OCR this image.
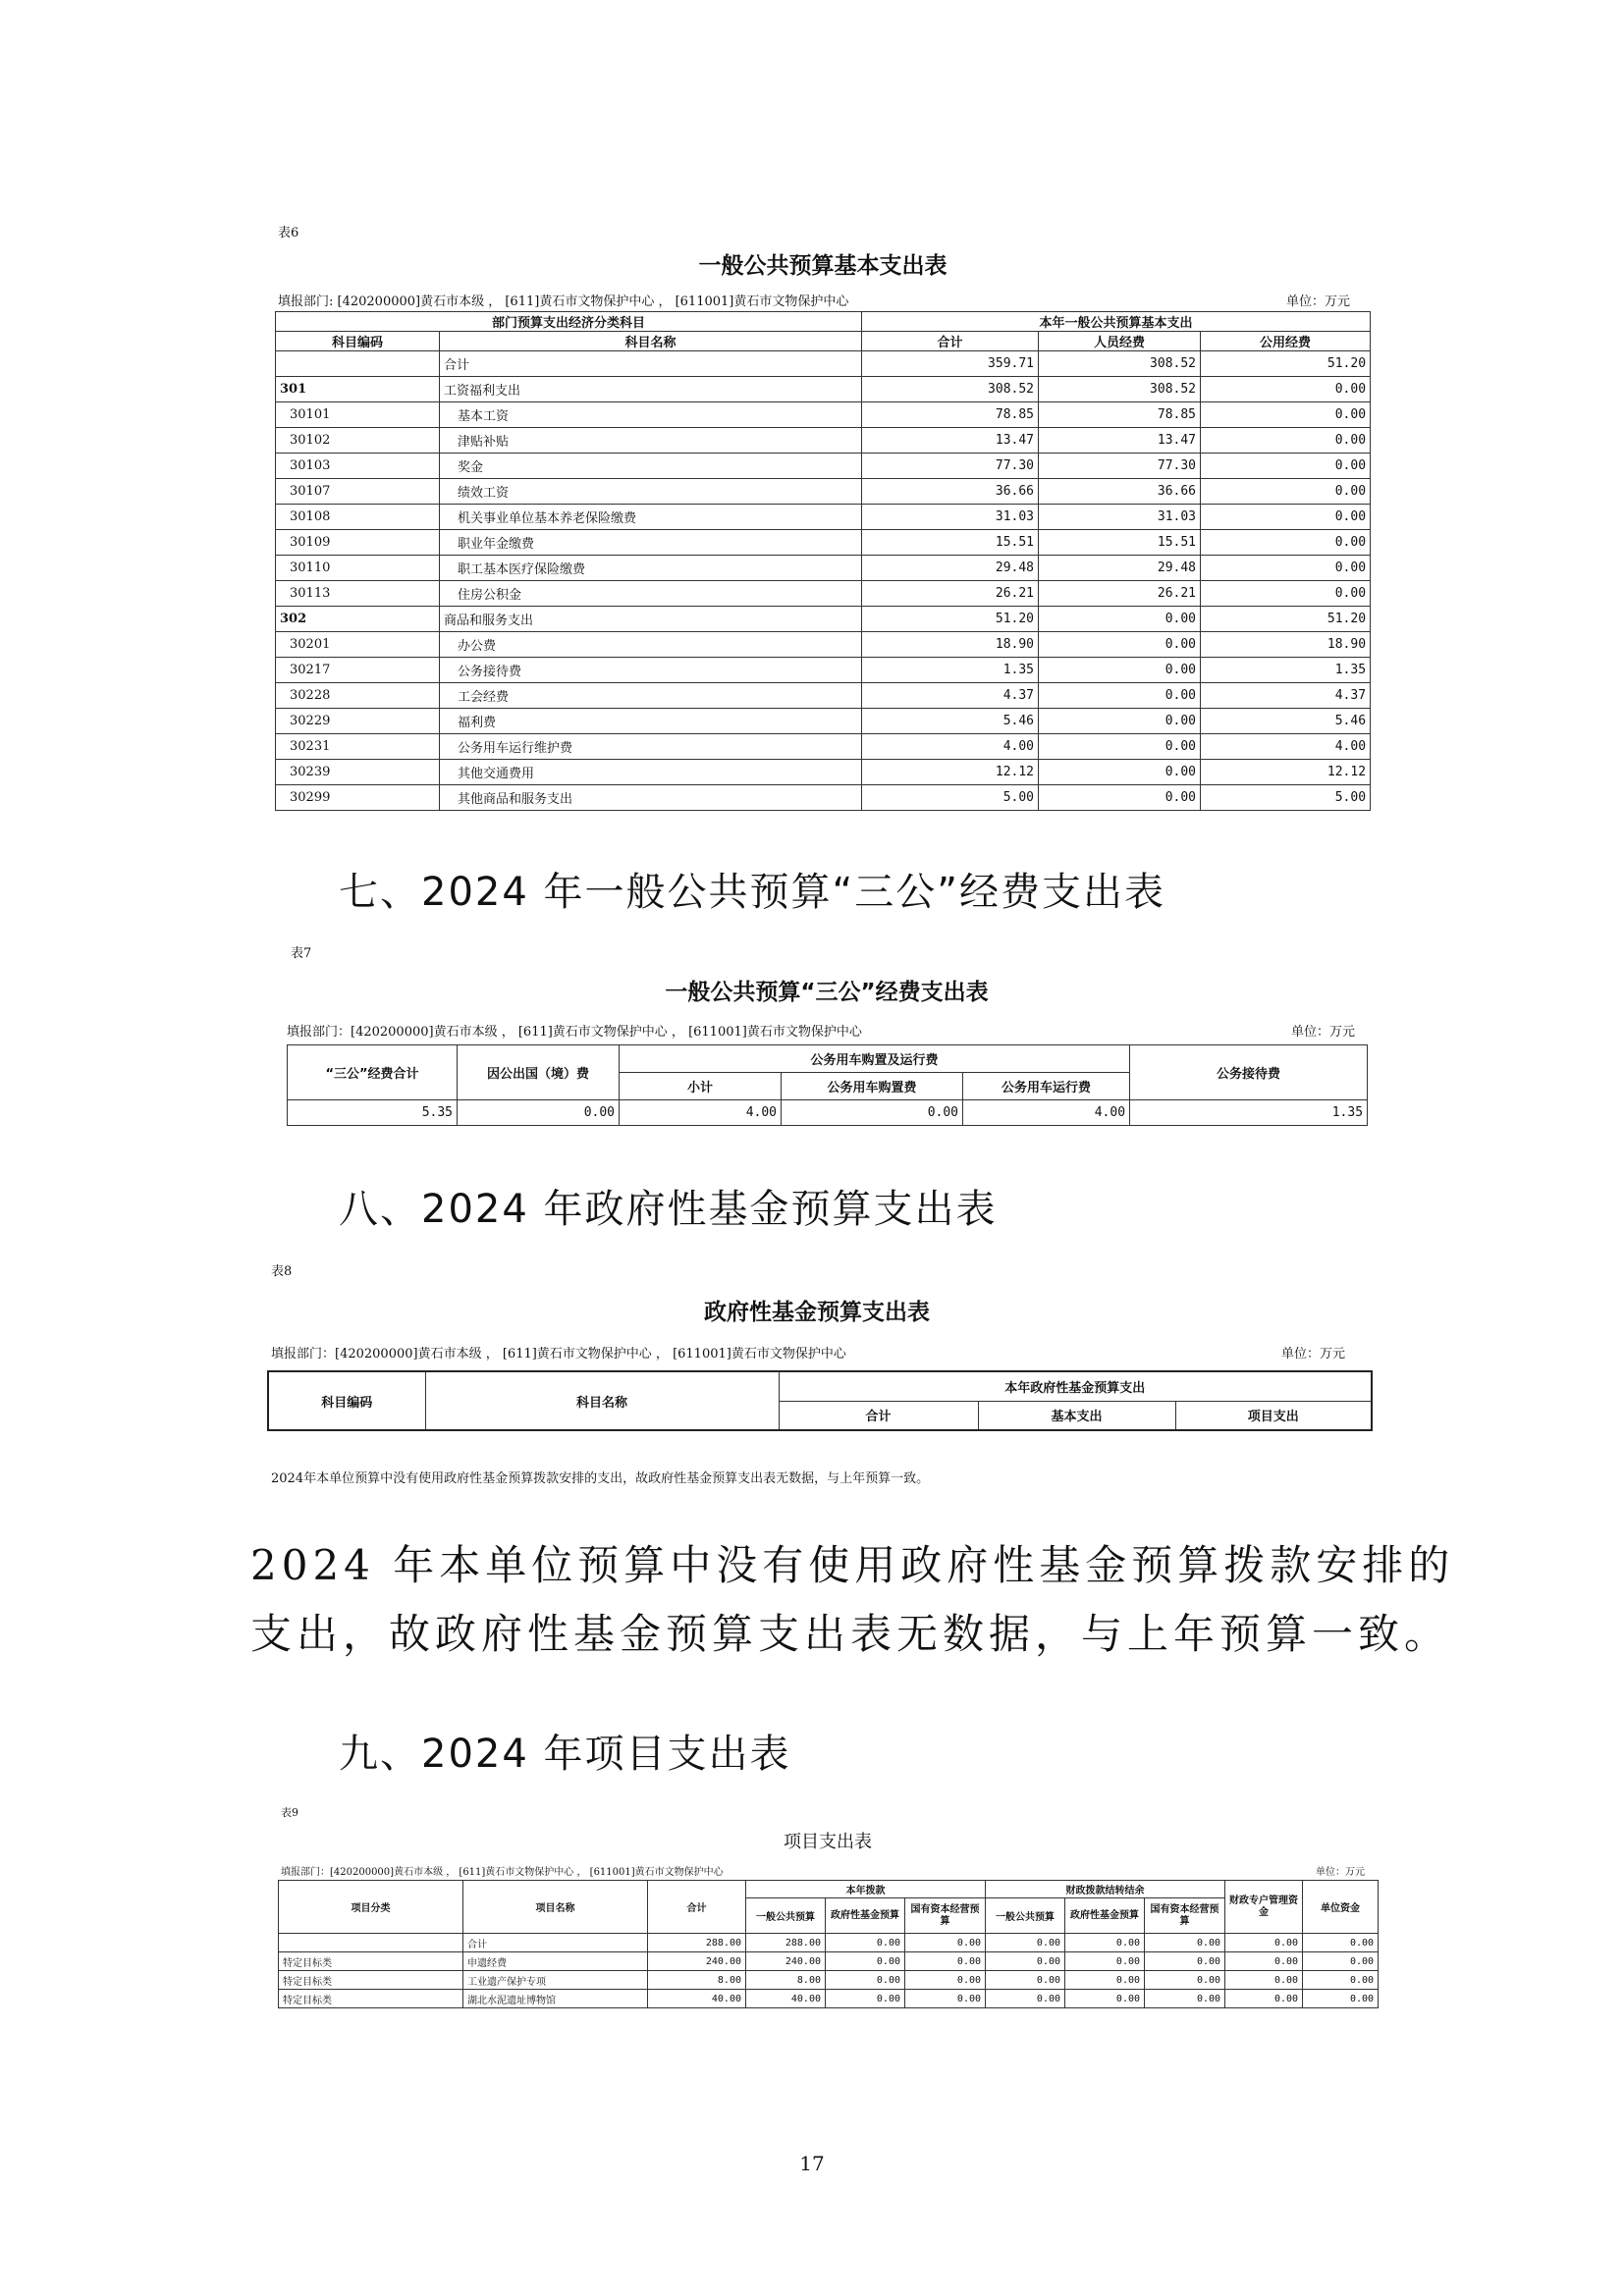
表6
一般公共预算基本支出表
填报部门: [420200000]黄石市本级 ， [611]黄石市文物保护中心 ， [611001]黄石市文物保护中心	单位：万元
部门预算支出经济分类科目		本年一般公共预算基本支出		
科目编码	科目名称	合计	人员经费	公用经费
	合计	359.71	308.52	51.20
301	工资福利支出	308.52	308.52	0.00
30101	基本工资	78.85	78.85	0.00
30102	津贴补贴	13.47	13.47	0.00
30103	奖金	77.30	77.30	0.00
30107	绩效工资	36.66	36.66	0.00
30108	机关事业单位基本养老保险缴费	31.03	31.03	0.00
30109	职业年金缴费	15.51	15.51	0.00
30110	职工基本医疗保险缴费	29.48	29.48	0.00
30113	住房公积金	26.21	26.21	0.00
302	商品和服务支出	51.20	0.00	51.20
30201	办公费	18.90	0.00	18.90
30217	公务接待费	1.35	0.00	1.35
30228	工会经费	4.37	0.00	4.37
30229	福利费	5.46	0.00	5.46
30231	公务用车运行维护费	4.00	0.00	4.00
30239	其他交通费用	12.12	0.00	12.12
30299	其他商品和服务支出	5.00	0.00	5.00
七、2024 年一般公共预算“三公”经费支出表
表7
一般公共预算“三公”经费支出表
填报部门：[420200000]黄石市本级 ， [611]黄石市文物保护中心 ， [611001]黄石市文物保护中心	单位：万元
“三公”经费合计	因公出国（境）费	公务用车购置及运行费			公务接待费
		小计	公务用车购置费	公务用车运行费	
5.35	0.00	4.00	0.00	4.00	1.35
八、2024 年政府性基金预算支出表
表8
政府性基金预算支出表
填报部门：[420200000]黄石市本级 ， [611]黄石市文物保护中心 ， [611001]黄石市文物保护中心	单位：万元
科目编码	科目名称	本年政府性基金预算支出		
		合计	基本支出	项目支出
2024年本单位预算中没有使用政府性基金预算拨款安排的支出，故政府性基金预算支出表无数据，与上年预算一致。
2024 年本单位预算中没有使用政府性基金预算拨款安排的
支出，故政府性基金预算支出表无数据，与上年预算一致。
九、2024 年项目支出表
表9
项目支出表
填报部门：[420200000]黄石市本级 ， [611]黄石市文物保护中心 ， [611001]黄石市文物保护中心	单位：万元
项目分类	项目名称	合计	本年拨款			财政拨款结转结余			财政专户管理资金	单位资金
			一般公共预算	政府性基金预算	国有资本经营预算	一般公共预算	政府性基金预算	国有资本经营预算		
	合计	288.00	288.00	0.00	0.00	0.00	0.00	0.00	0.00	0.00
特定目标类	申遗经费	240.00	240.00	0.00	0.00	0.00	0.00	0.00	0.00	0.00
特定目标类	工业遗产保护专项	8.00	8.00	0.00	0.00	0.00	0.00	0.00	0.00	0.00
特定目标类	湖北水泥遗址博物馆	40.00	40.00	0.00	0.00	0.00	0.00	0.00	0.00	0.00
17
